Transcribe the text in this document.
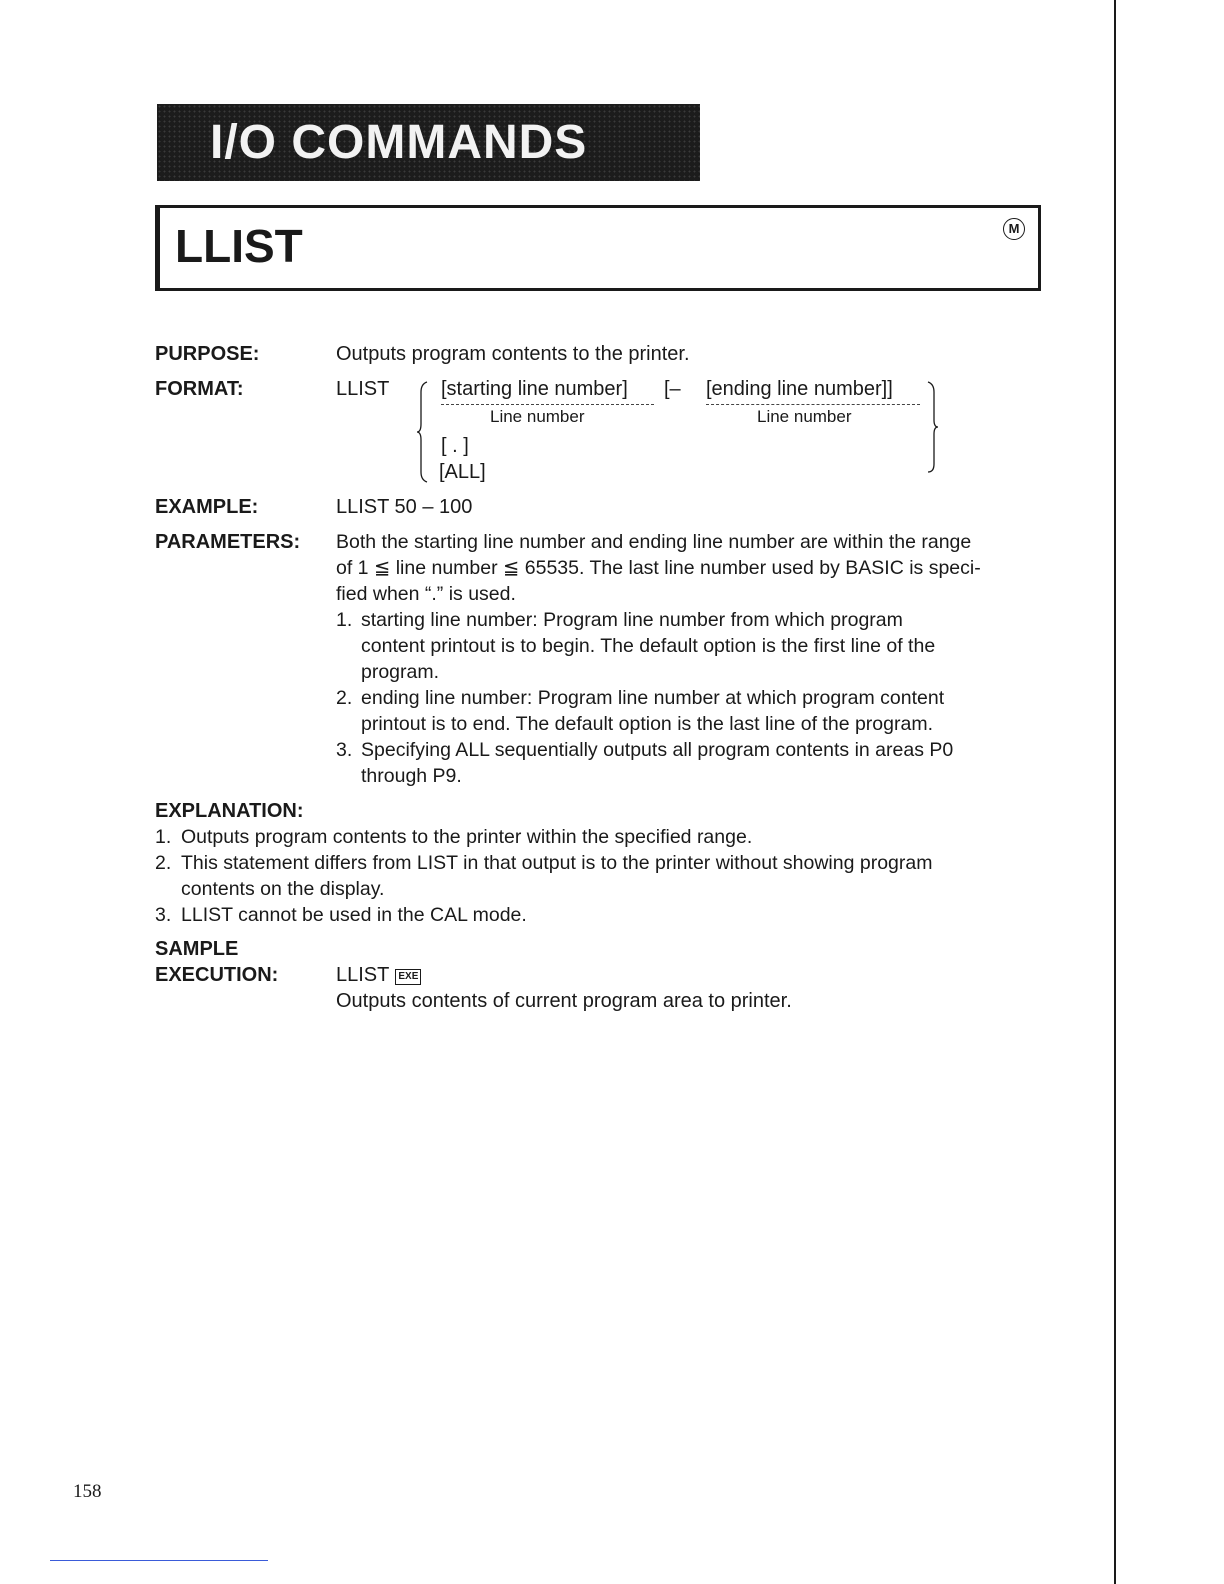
I/O COMMANDS
LLIST	M
PURPOSE:	Outputs program contents to the printer.
FORMAT:	LLIST	[starting line number] [– [ending line number]]
Line number	Line number
[ . ]
[ALL]
EXAMPLE:	LLIST 50 – 100
PARAMETERS: Both the starting line number and ending line number are within the range
of 1 ≦ line number ≦ 65535. The last line number used by BASIC is speci-
fied when “.” is used.
1. starting line number: Program line number from which program
content printout is to begin. The default option is the first line of the
program.
2. ending line number: Program line number at which program content
printout is to end. The default option is the last line of the program.
3. Specifying ALL sequentially outputs all program contents in areas P0
through P9.
EXPLANATION:
1. Outputs program contents to the printer within the specified range.
2. This statement differs from LIST in that output is to the printer without showing program
contents on the display.
3. LLIST cannot be used in the CAL mode.
SAMPLE
EXECUTION:	LLIST EXE
Outputs contents of current program area to printer.
158
